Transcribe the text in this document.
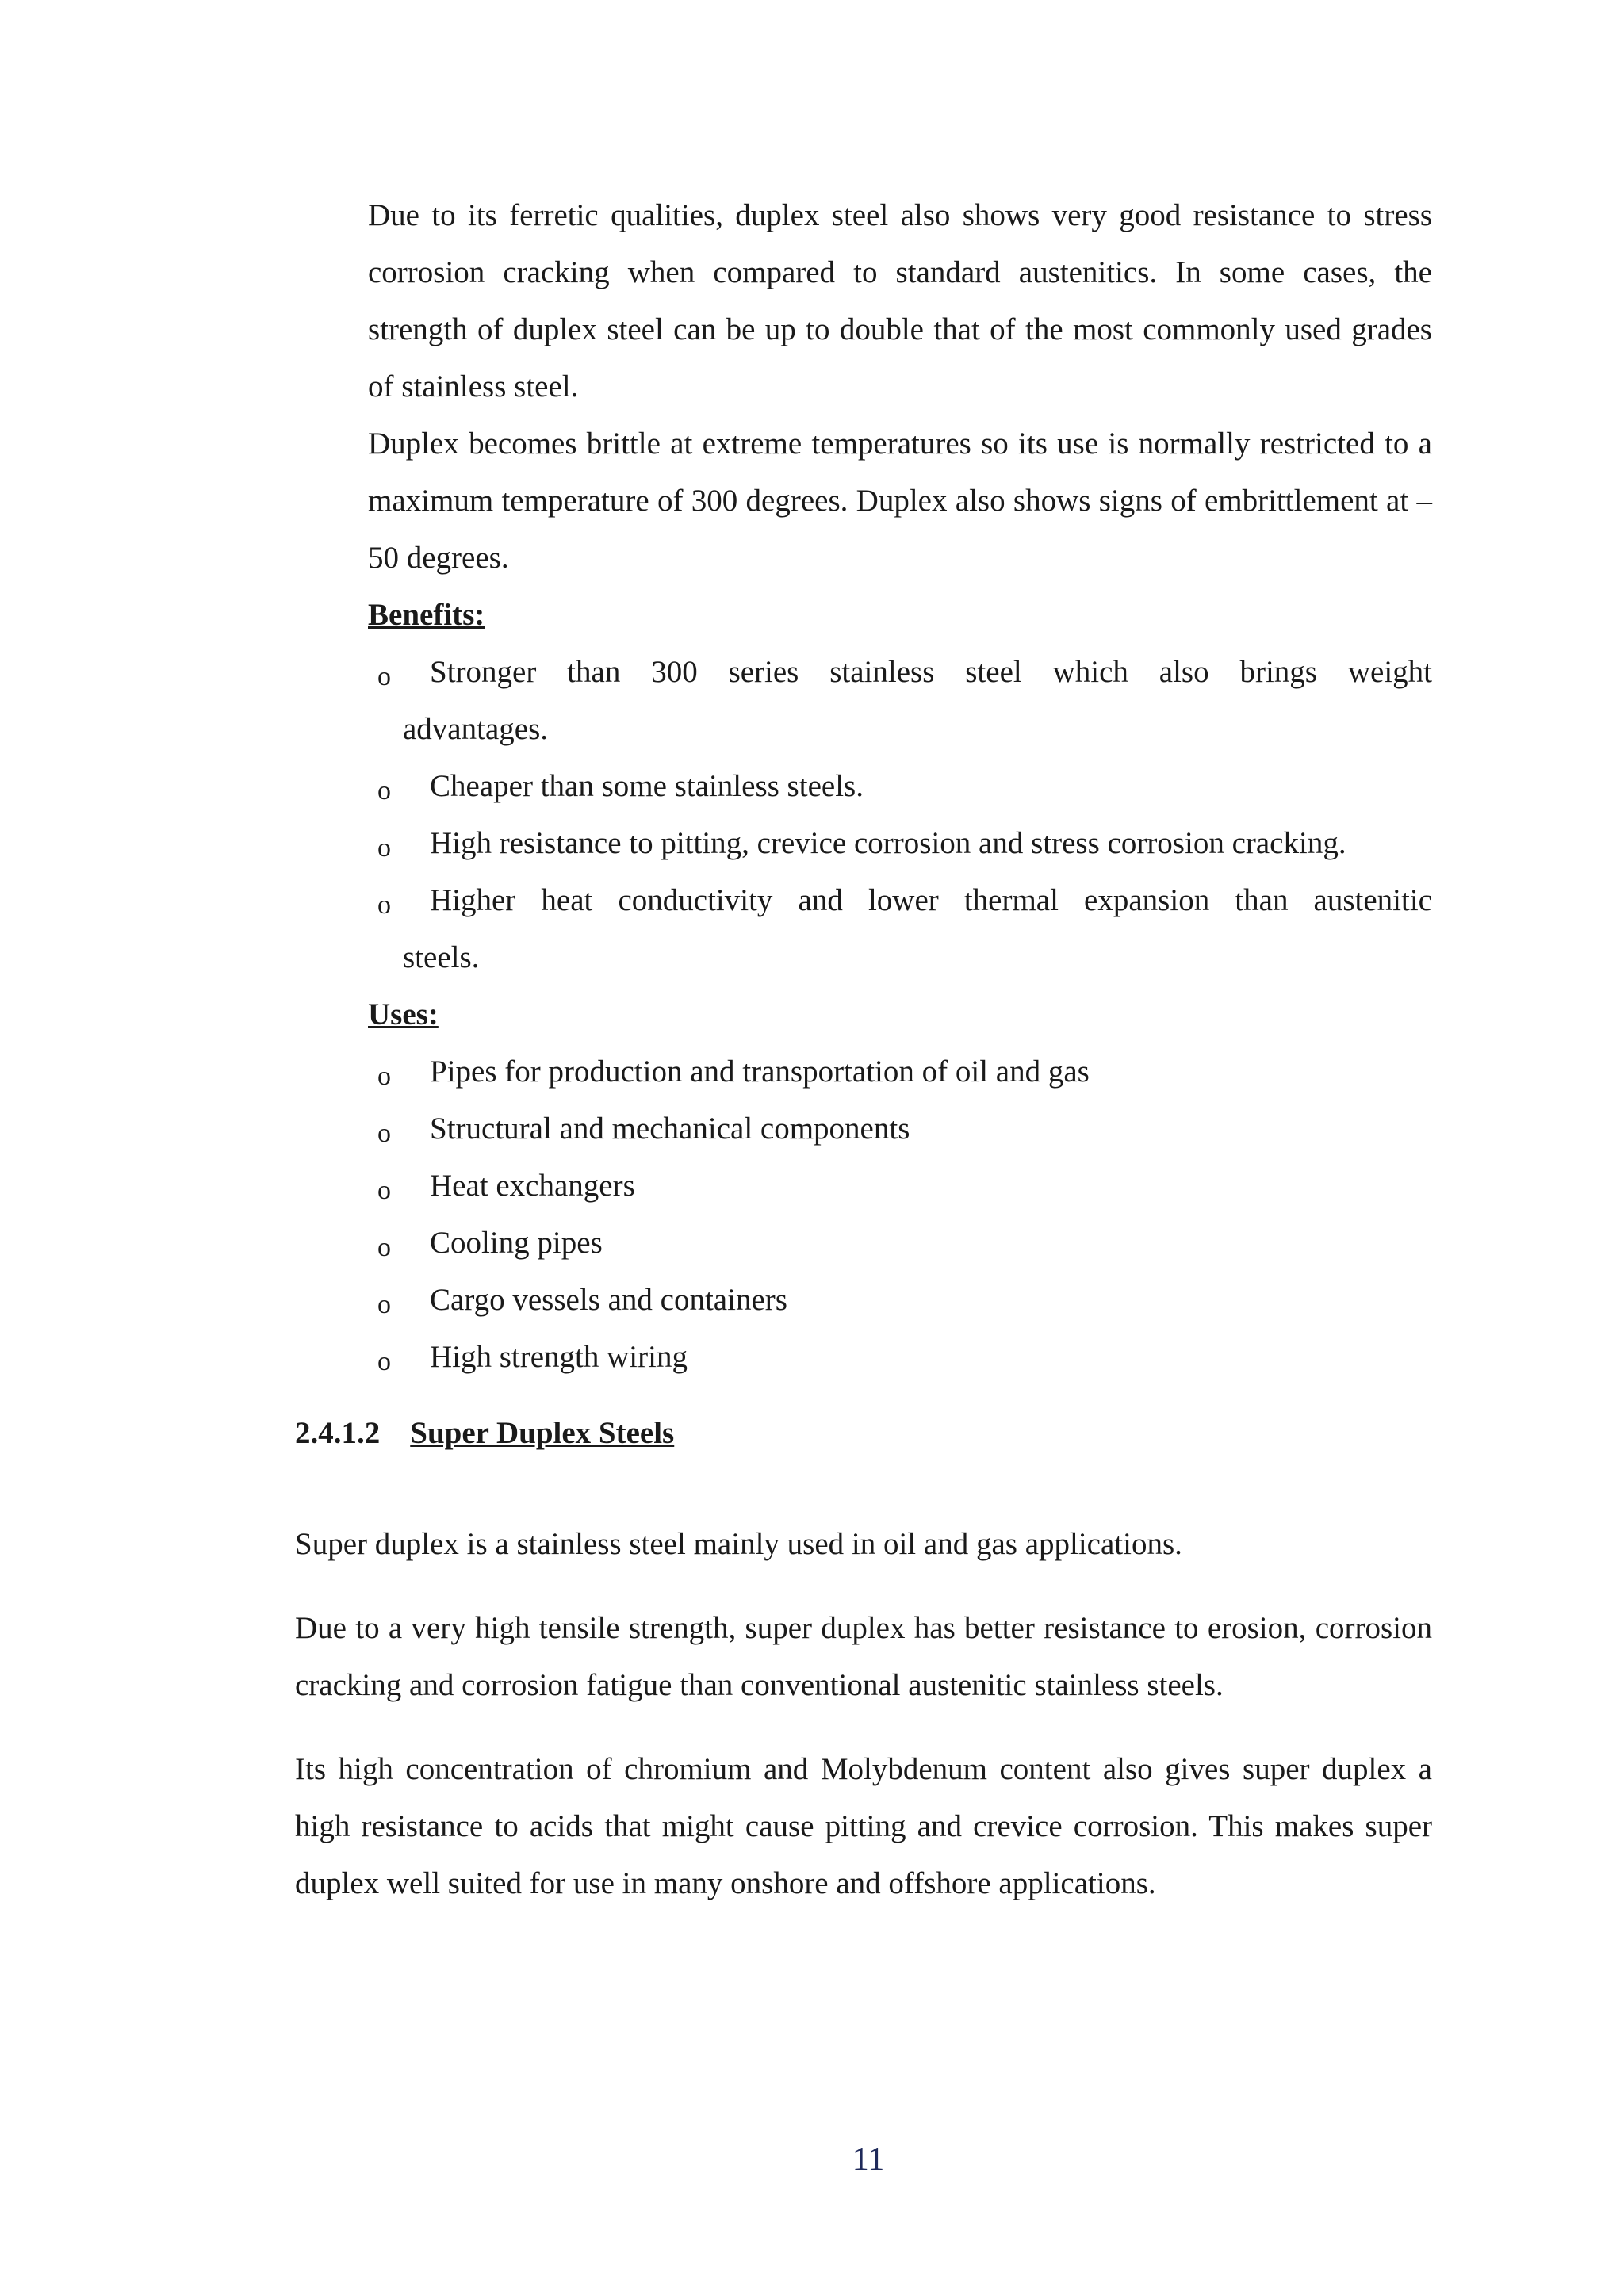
Due to its ferretic qualities, duplex steel also shows very good resistance to stress corrosion cracking when compared to standard austenitics. In some cases, the strength of duplex steel can be up to double that of the most commonly used grades of stainless steel.
Duplex becomes brittle at extreme temperatures so its use is normally restricted to a maximum temperature of 300 degrees. Duplex also shows signs of embrittlement at –50 degrees.
Benefits:
o Stronger than 300 series stainless steel which also brings weight
advantages.
o Cheaper than some stainless steels.
o High resistance to pitting, crevice corrosion and stress corrosion cracking.
o Higher heat conductivity and lower thermal expansion than austenitic
steels.
Uses:
o Pipes for production and transportation of oil and gas
o Structural and mechanical components
o Heat exchangers
o Cooling pipes
o Cargo vessels and containers
o High strength wiring
2.4.1.2 Super Duplex Steels
Super duplex is a stainless steel mainly used in oil and gas applications.
Due to a very high tensile strength, super duplex has better resistance to erosion, corrosion cracking and corrosion fatigue than conventional austenitic stainless steels.
Its high concentration of chromium and Molybdenum content also gives super duplex a high resistance to acids that might cause pitting and crevice corrosion. This makes super duplex well suited for use in many onshore and offshore applications.
11
